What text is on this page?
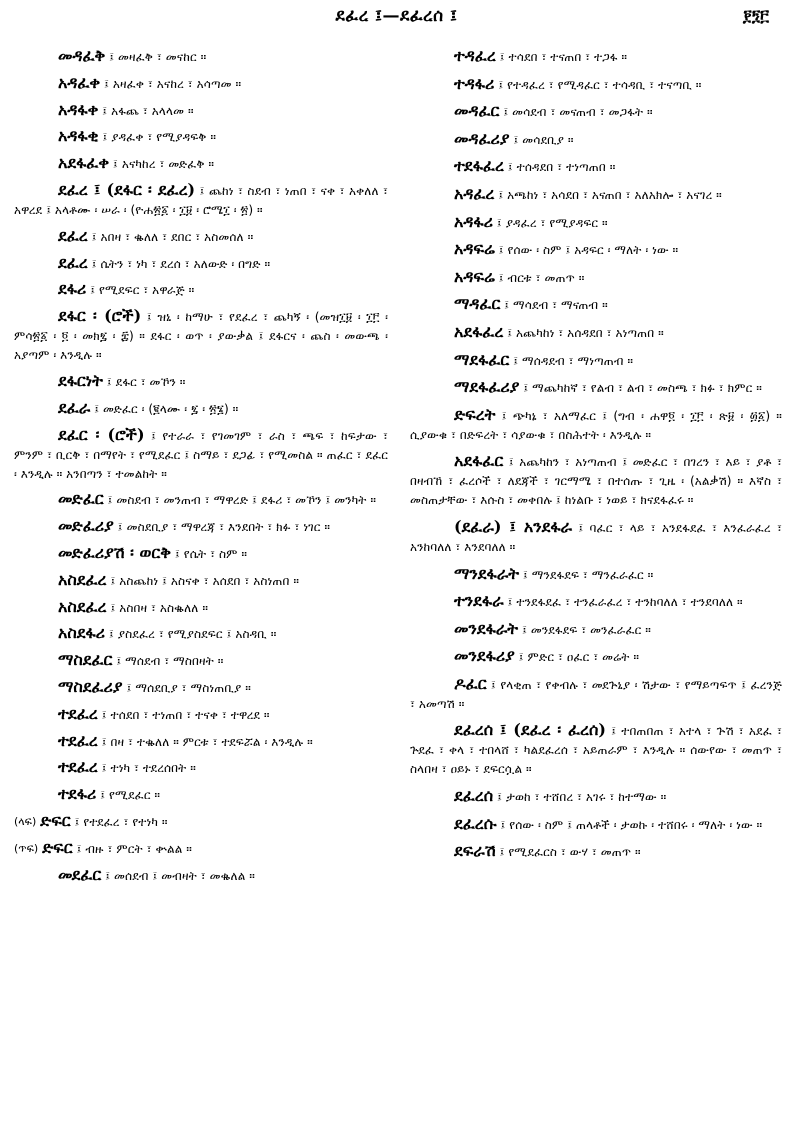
ደፈረ ፤—ደፈረሰ ፤	፻፺፫

መዳፈቅ ፤ መዛፈቅ ፣ መናከር ።

አዳፈቀ ፤ አዛፈቀ ፣ አናከረ ፣ አሳጣመ ።

አዳፋቀ ፤ አፋጨ ፣ አላላመ ።

አዳፋቂ ፤ ያዳፈቀ ፣ የሚያዳፍቅ ።

አደፋፈቀ ፤ አናካከረ ፣ መድፈቅ ።

ደፈረ ፤ (ደፋር ፡ ደፈረ) ፤ ጨከነ ፣ ስደብ ፣ ነጠበ ፣ ናቀ ፣ አቀለለ ፣ አዋረደ ፤ አላቶሙ ፡ ሠራ ፡ (ዮሐ፳፩ ፡ ፲፱ ፡ ሮሜ፲ ፡ ፳) ።

ደፈረ ፤ አበዛ ፣ ቈለለ ፣ ደበር ፣ አስመሰለ ።

ደፈረ ፤ ሴትን ፣ ነካ ፣ ደረሰ ፣ አለውድ ፡ በግድ ።

ደፋሪ ፤ የሚደፍር ፣ አዋራጅ ።

ደፋር ፡ (ሮች) ፤ ዝኒ ፡ ከማሁ ፣ የደፈረ ፣ ጨካኝ ፡ (መዝ፲፱ ፡ ፲፫ ፡ ምሳ፳፩ ፡ ፬ ፡ መክ፯ ፡ ፰) ። ደፋር ፡ ወጥ ፡ ያውቃል ፤ ደፋርና ፡ ጨስ ፡ መውጫ ፡ አያጣም ፡ እንዲሉ ።

ደፋርነት ፤ ደፋር ፣ መኾን ።

ደፈራ ፤ መድፈር ፡ (፪ላሙ ፡ ፯ ፡ ፳፮) ።

ደፈር ፡ (ሮች) ፤ የተራራ ፣ የገመገም ፣ ራስ ፣ ጫፍ ፣ ከፍታው ፣ ምንም ፣ ቢርቅ ፣ በማየት ፣ የሚደፈር ፤ ስማይ ፣ ደጋፊ ፣ የሚመስል ። ጠፈር ፣ ደፈር ፡ እንዲሉ ። አንበጣን ፣ ተመልከት ።

መድፈር ፤ መስደብ ፣ መንጠብ ፣ ማዋረድ ፤ ደፋሪ ፣ መኾን ፤ መንካት ።

መድፈሪያ ፤ መስደቢያ ፣ ማዋረጃ ፣ እንደበት ፣ ክፉ ፣ ነገር ።

መድፈሪያሽ ፡ ወርቅ ፤ የሴት ፣ ስም ።

አስደፈረ ፤ አስጨከነ ፤ አስናቀ ፣ አሰደበ ፣ አስነጠበ ።

አስደፈረ ፤ አስበዛ ፣ አስቈለለ ።

አስደፋሪ ፤ ያስደፈረ ፣ የሚያስደፍር ፤ አስዳቢ ።

ማስደፈር ፤ ማሰደብ ፣ ማስበዛት ።

ማስደፈሪያ ፤ ማሰደቢያ ፣ ማስነጠቢያ ።

ተደፈረ ፤ ተሰደበ ፣ ተነጠበ ፣ ተናቀ ፣ ተዋረደ ።

ተደፈረ ፤ በዛ ፣ ተቈለለ ። ምርቱ ፣ ተደፍሯል ፡ እንዲሉ ።

ተደፈረ ፤ ተነካ ፣ ተደረሰበት ።

ተደፋሪ ፤ የሚደፈር ።

(ላፍ) ድፍር ፤ የተደፈረ ፣ የተነካ ።

(ጥፍ) ድፍር ፤ ብዙ ፣ ምርት ፣ ቍልል ።

መደፈር ፤ መሰደብ ፤ መብዛት ፣ መቈለል ።

ተዳፈረ ፤ ተሳደበ ፣ ተናጠበ ፣ ተጋፋ ።

ተዳፋሪ ፤ የተዳፈረ ፣ የሚዳፈር ፣ ተሳዳቢ ፣ ተናጣቢ ።

መዳፈር ፤ መሳደብ ፣ መናጠብ ፣ መጋፋት ።

መዳፈሪያ ፤ መሳደቢያ ።

ተደፋፈረ ፤ ተሰዳደበ ፣ ተነጣጠበ ።

አዳፈረ ፤ አጫከነ ፣ አሳደበ ፣ አናጠበ ፣ አለአክሎ ፣ አናገረ ።

አዳፋሪ ፤ ያዳፈረ ፣ የሚያዳፍር ።

አዳፍሬ ፤ የሰው ፡ ስም ፤ አዳፍር ፡ ማለት ፡ ነው ።

አዳፍሬ ፤ ብርቱ ፣ መጠጥ ።

ማዳፈር ፤ ማሳደብ ፣ ማናጠብ ።

አደፋፈረ ፤ አጨካከነ ፣ አሰዳደበ ፣ አነጣጠበ ።

ማደፋፈር ፤ ማሰዳደብ ፣ ማነጣጠብ ።

ማደፋፈሪያ ፤ ማጨካከኛ ፣ የልብ ፣ ልብ ፣ መስጫ ፣ ክፉ ፣ ክምር ።

ድፍረት ፤ ጭካኔ ፣ አለማፈር ፤ (ግብ ፡ ሐዋ፬ ፡ ፲፫ ፡ ጽ፱ ፡ ፴፩) ። ሲያውቁ ፣ በድፍረት ፣ ሳያውቁ ፣ በስሕተት ፡ እንዲሉ ።

አደፋፈር ፤ አጨካከን ፣ አነጣጠብ ፤ መድፈር ፣ በገረን ፣ እይ ፣ ያቶ ፣ በዛብኸ ፣ ፈረሶች ፣ ለደጃች ፣ ገርማሜ ፣ በተሰጡ ፣ ጊዜ ፡ (አልቃሽ) ። እኛስ ፣ መስጠታቸው ፣ እሱስ ፣ መቀበሉ ፤ ከነልቡ ፣ ነወይ ፣ ክናደፋፈሩ ።

(ደፈራ) ፤ አንደፋራ ፤ ባፈር ፣ ላይ ፣ አንደፋደፈ ፣ እንፈራፈረ ፣ አንከባለለ ፣ እንደባለለ ።

ማንደፋራት ፤ ማንደፋደፍ ፣ ማንፈራፈር ።

ተንደፋራ ፤ ተንደፋደፈ ፣ ተንፈራፈረ ፣ ተንከባለለ ፣ ተንደባለለ ።

መንደፋራት ፤ መንደፋደፍ ፣ መንፈራፈር ።

መንደፋሪያ ፤ ምድር ፣ ዐፈር ፣ መሬት ።

ዶፈር ፤ የላቂጠ ፣ የቀብሉ ፣ መደጕኒያ ፡ ሽታው ፣ የማይጣፍጥ ፤ ፈረንጅ ፣ አመጣሽ ።

ደፈረሰ ፤ (ደፈረ ፡ ፈረሰ) ፤ ተበጠበጠ ፣ አተላ ፣ ጕሽ ፣ አደፈ ፣ ጕደፈ ፣ ቀላ ፣ ተበላሸ ፣ ካልደፈረሰ ፣ አይጠራም ፣ እንዲሉ ። ሰውየው ፣ መጠጥ ፣ ስላበዛ ፣ ዐይኑ ፣ ደፍርሷል ።

ደፈረሰ ፤ ታወከ ፣ ተሸበረ ፣ አገሩ ፣ ከተማው ።

ደፈረሱ ፤ የሰው ፡ ስም ፤ ጠላቶች ፡ ታወኩ ፡ ተሸበሩ ፡ ማለት ፡ ነው ።

ደፍራሽ ፤ የሚደፈርስ ፣ ውሃ ፣ መጠጥ ።
